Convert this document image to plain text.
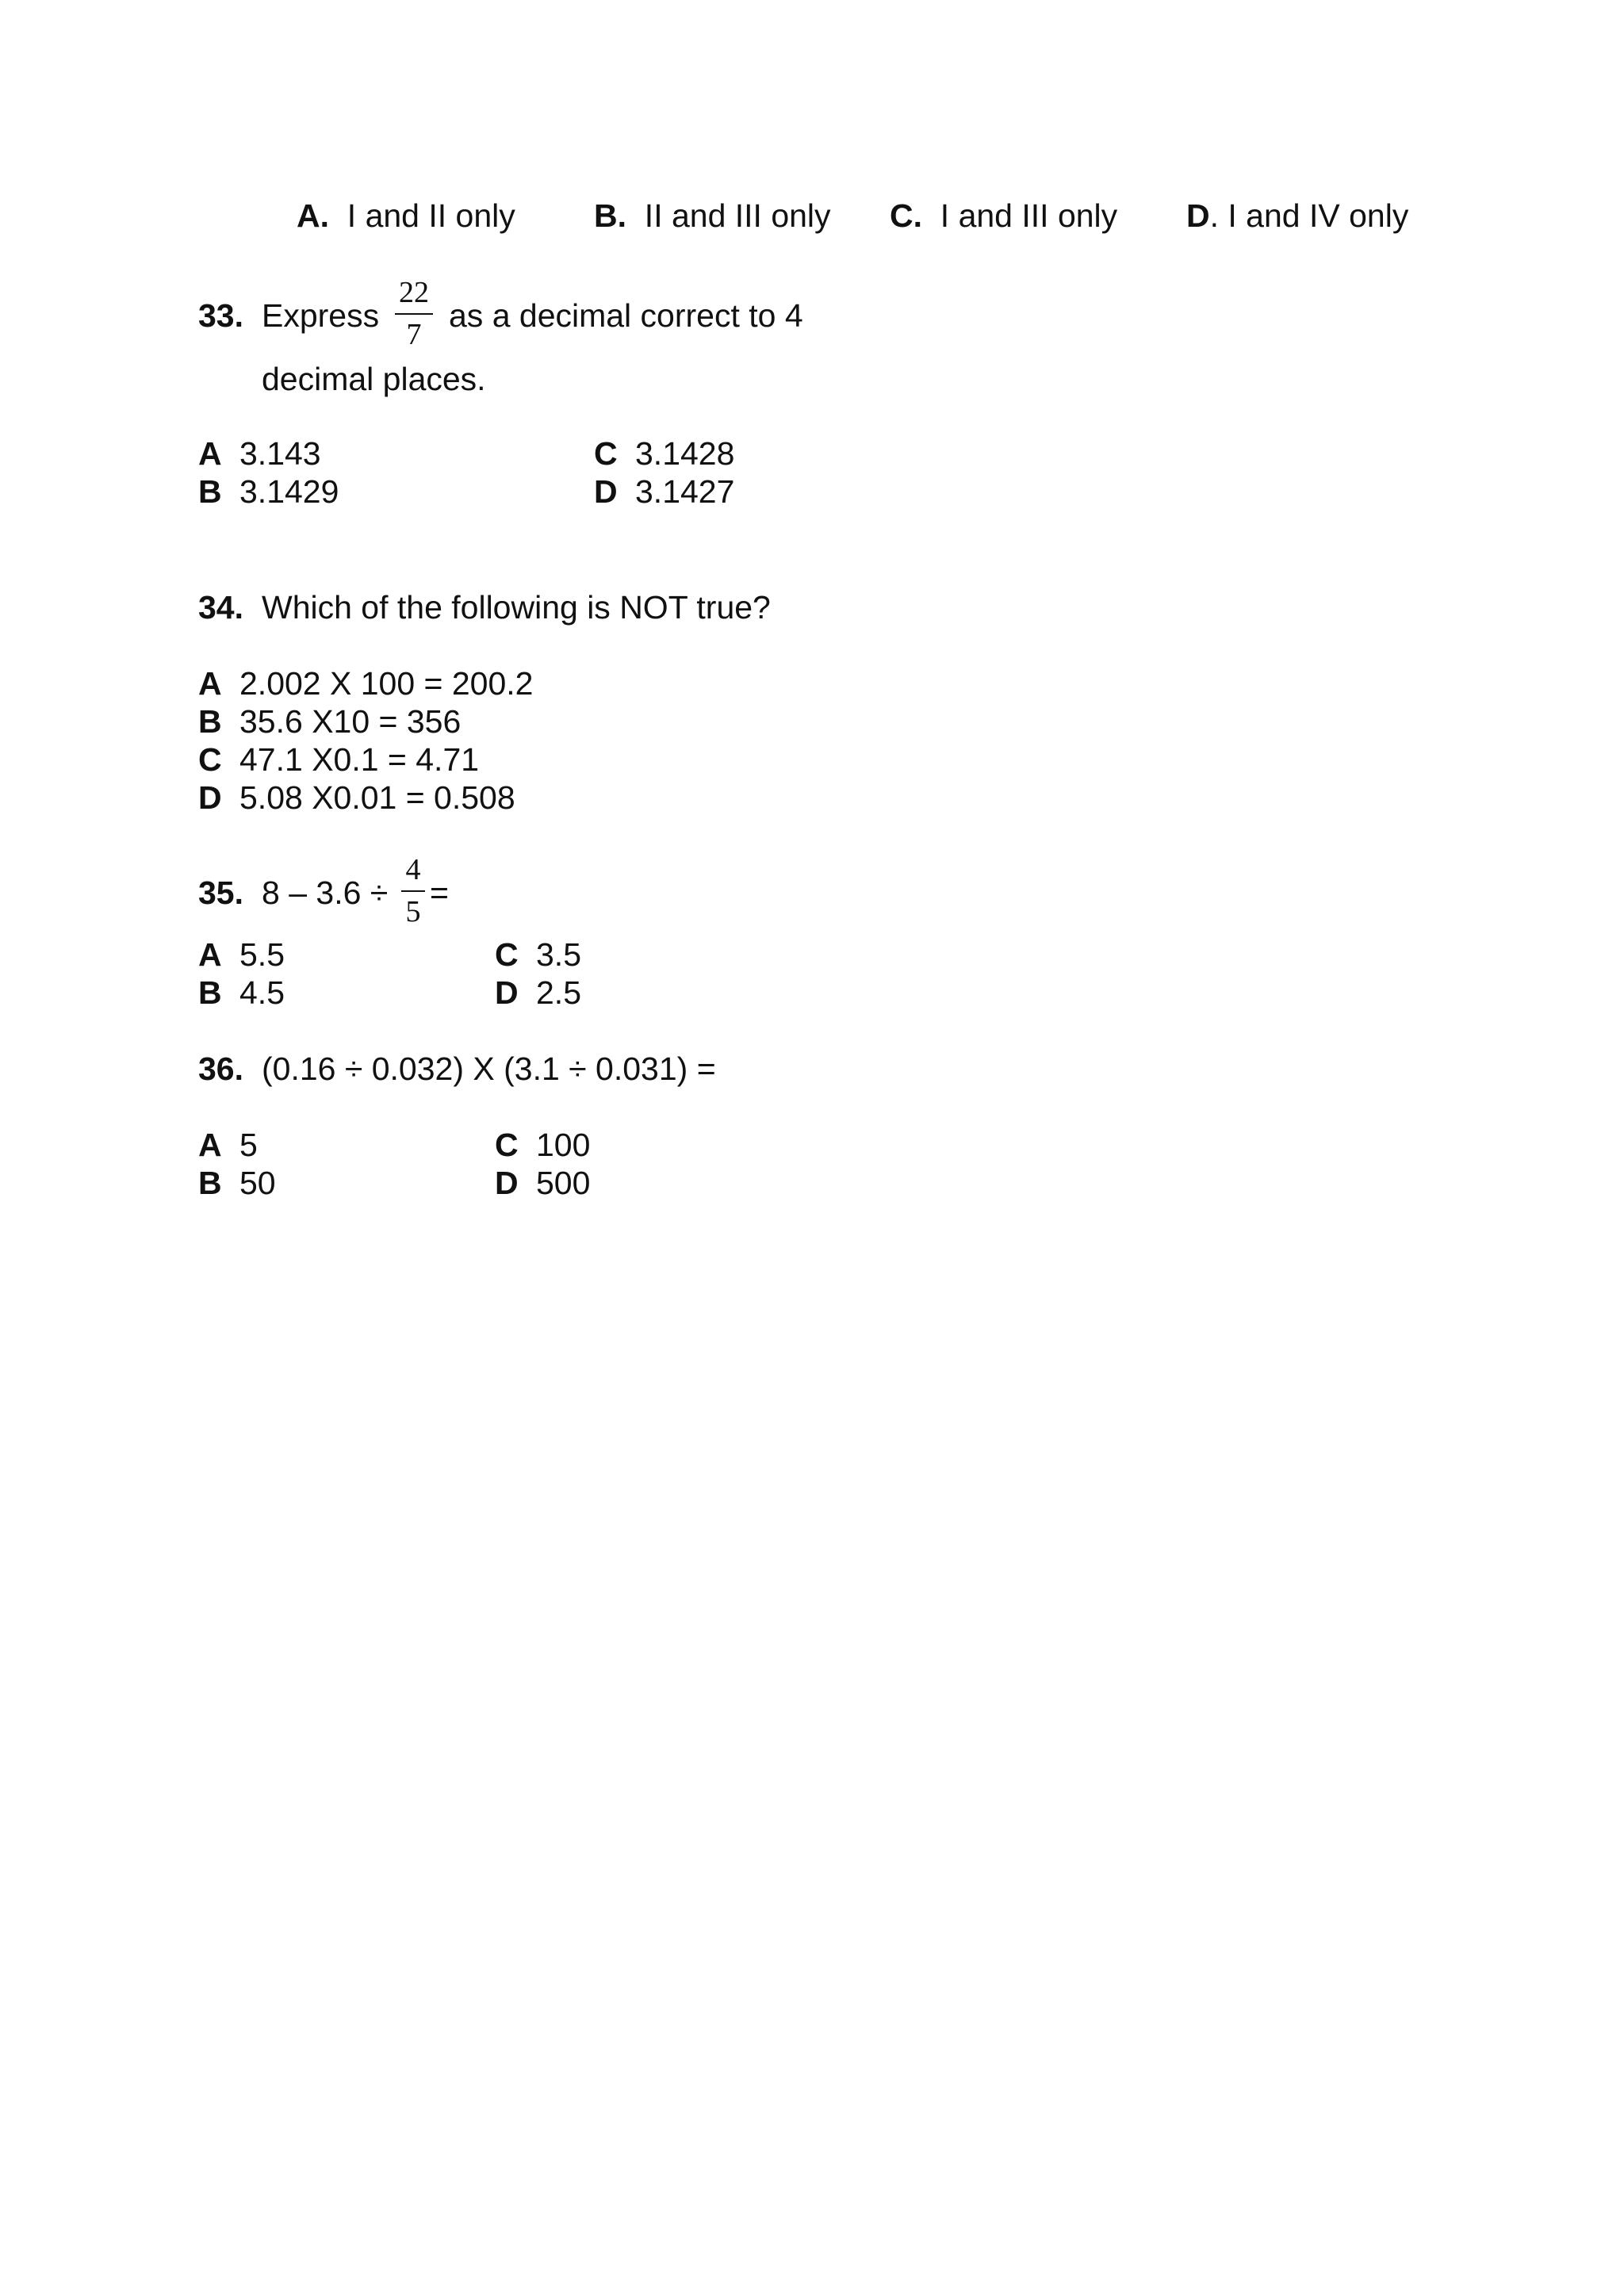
A. I and II only B. II and III only C. I and III only D. I and IV only
33. Express
22
7
as a decimal correct to 4
decimal places.
A 3.143
B 3.1429
C 3.1428
D 3.1427
34. Which of the following is NOT true?
A 2.002 X 100 = 200.2
B 35.6 X10 = 356
C 47.1 X0.1 = 4.71
D 5.08 X0.01 = 0.508
35. 8 – 3.6 ÷
4
5
=
A 5.5
B 4.5
C 3.5
D 2.5
36. (0.16 ÷ 0.032) X (3.1 ÷ 0.031) =
A 5
B 50
C 100
D 500
